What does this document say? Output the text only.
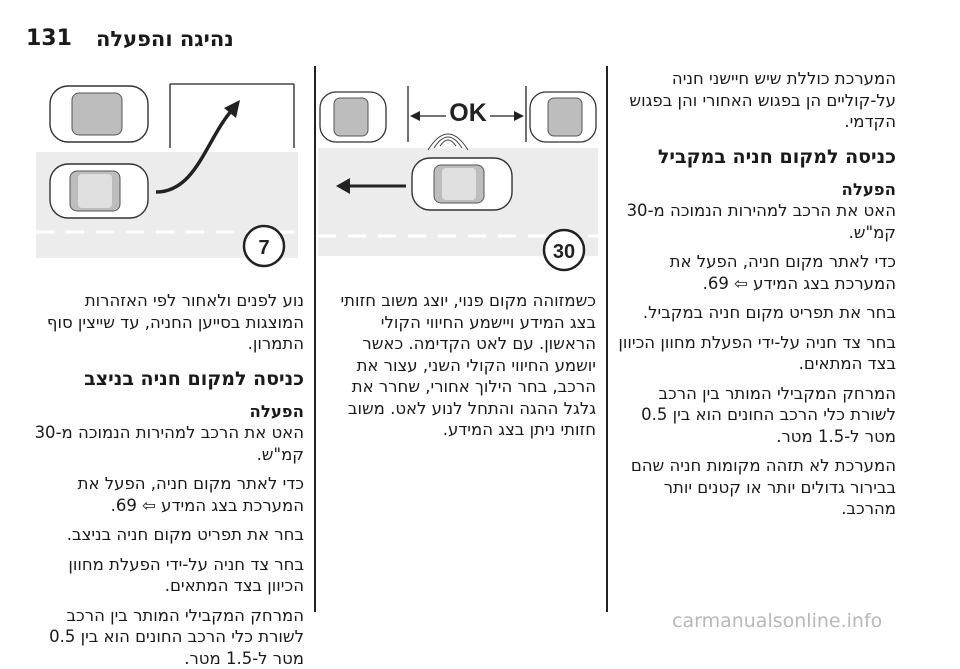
131 נהיגה והפעלה

המערכת כוללת שיש חיישני חניה על-קוליים הן בפגוש האחורי והן בפגוש הקדמי.

כניסה למקום חניה במקביל
הפעלה

האט את הרכב למהירות הנמוכה מ-30 קמ"ש.

כדי לאתר מקום חניה, הפעל את המערכת בצג המידע ⇦ 69.

בחר את תפריט מקום חניה במקביל.

בחר צד חניה על-ידי הפעלת מחוון הכיוון בצד המתאים.

המרחק המקבילי המותר בין הרכב לשורת כלי הרכב החונים הוא בין 0.5 מטר ל-1.5 מטר.

המערכת לא תזהה מקומות חניה שהם בבירור גדולים יותר או קטנים יותר מהרכב.

OK
30

כשמזוהה מקום פנוי, יוצג משוב חזותי בצג המידע ויישמע החיווי הקולי הראשון. עם לאט הקדימה. כאשר יושמע החיווי הקולי השני, עצור את הרכב, בחר הילוך אחורי, שחרר את גלגל ההגה והתחל לנוע לאט. משוב חזותי ניתן בצג המידע.

7

נוע לפנים ולאחור לפי האזהרות המוצגות בסייען החניה, עד שייצין סוף התמרון.

כניסה למקום חניה בניצב
הפעלה

האט את הרכב למהירות הנמוכה מ-30 קמ"ש.

כדי לאתר מקום חניה, הפעל את המערכת בצג המידע ⇦ 69.

בחר את תפריט מקום חניה בניצב.

בחר צד חניה על-ידי הפעלת מחוון הכיוון בצד המתאים.

המרחק המקבילי המותר בין הרכב לשורת כלי הרכב החונים הוא בין 0.5 מטר ל-1.5 מטר.

carmanualsonline.info
